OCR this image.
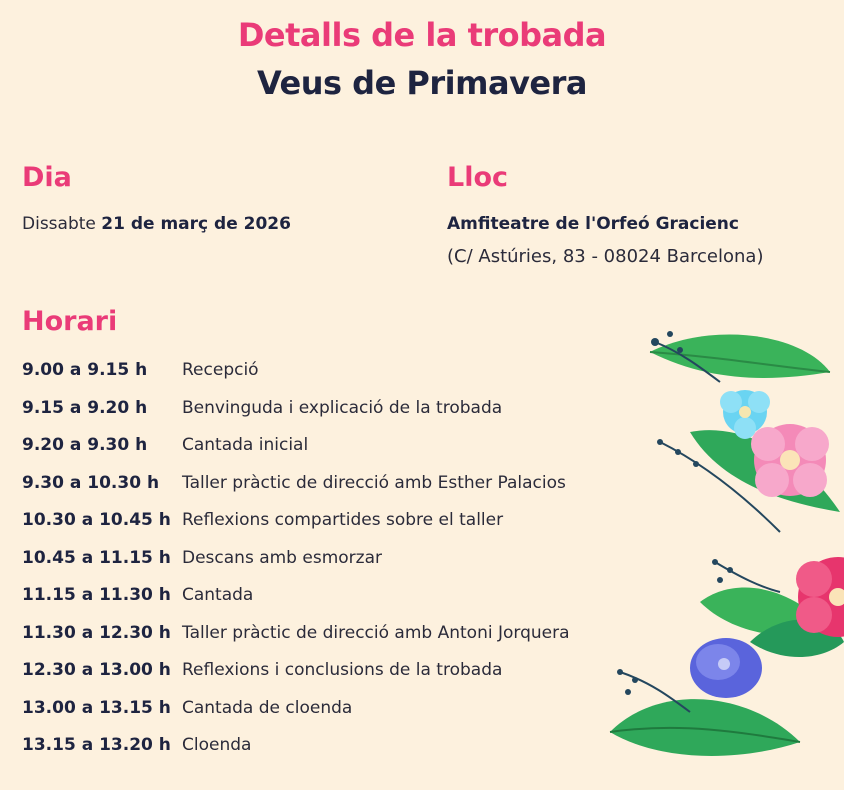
Detalls de la trobada
Veus de Primavera
Dia
Dissabte 21 de març de 2026
Lloc
Amfiteatre de l'Orfeó Gracienc
(C/ Astúries, 83 - 08024 Barcelona)
Horari
9.00 a 9.15 h Recepció
9.15 a 9.20 h Benvinguda i explicació de la trobada
9.20 a 9.30 h Cantada inicial
9.30 a 10.30 h Taller pràctic de direcció amb Esther Palacios
10.30 a 10.45 h Reflexions compartides sobre el taller
10.45 a 11.15 h Descans amb esmorzar
11.15 a 11.30 h Cantada
11.30 a 12.30 h Taller pràctic de direcció amb Antoni Jorquera
12.30 a 13.00 h Reflexions i conclusions de la trobada
13.00 a 13.15 h Cantada de cloenda
13.15 a 13.20 h Cloenda
